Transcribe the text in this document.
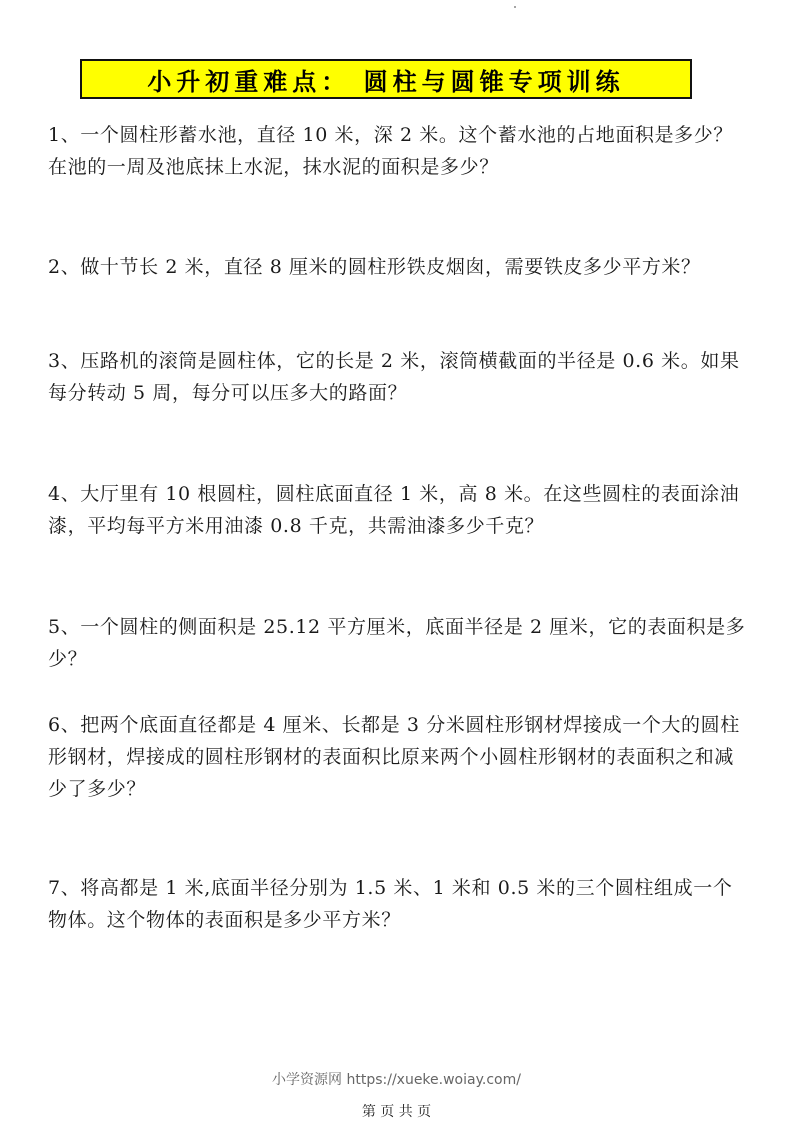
小升初重难点： 圆柱与圆锥专项训练
1、一个圆柱形蓄水池，直径 10 米，深 2 米。这个蓄水池的占地面积是多少？在池的一周及池底抹上水泥，抹水泥的面积是多少？
2、做十节长 2 米，直径 8 厘米的圆柱形铁皮烟囱，需要铁皮多少平方米？
3、压路机的滚筒是圆柱体，它的长是 2 米，滚筒横截面的半径是 0.6 米。如果每分转动 5 周，每分可以压多大的路面？
4、大厅里有 10 根圆柱，圆柱底面直径 1 米，高 8 米。在这些圆柱的表面涂油漆，平均每平方米用油漆 0.8 千克，共需油漆多少千克？
5、一个圆柱的侧面积是 25.12 平方厘米，底面半径是 2 厘米，它的表面积是多少？
6、把两个底面直径都是 4 厘米、长都是 3 分米圆柱形钢材焊接成一个大的圆柱形钢材，焊接成的圆柱形钢材的表面积比原来两个小圆柱形钢材的表面积之和减少了多少？
7、将高都是 1 米,底面半径分别为 1.5 米、1 米和 0.5 米的三个圆柱组成一个物体。这个物体的表面积是多少平方米？
小学资源网 https://xueke.woiay.com/
第 页 共 页
